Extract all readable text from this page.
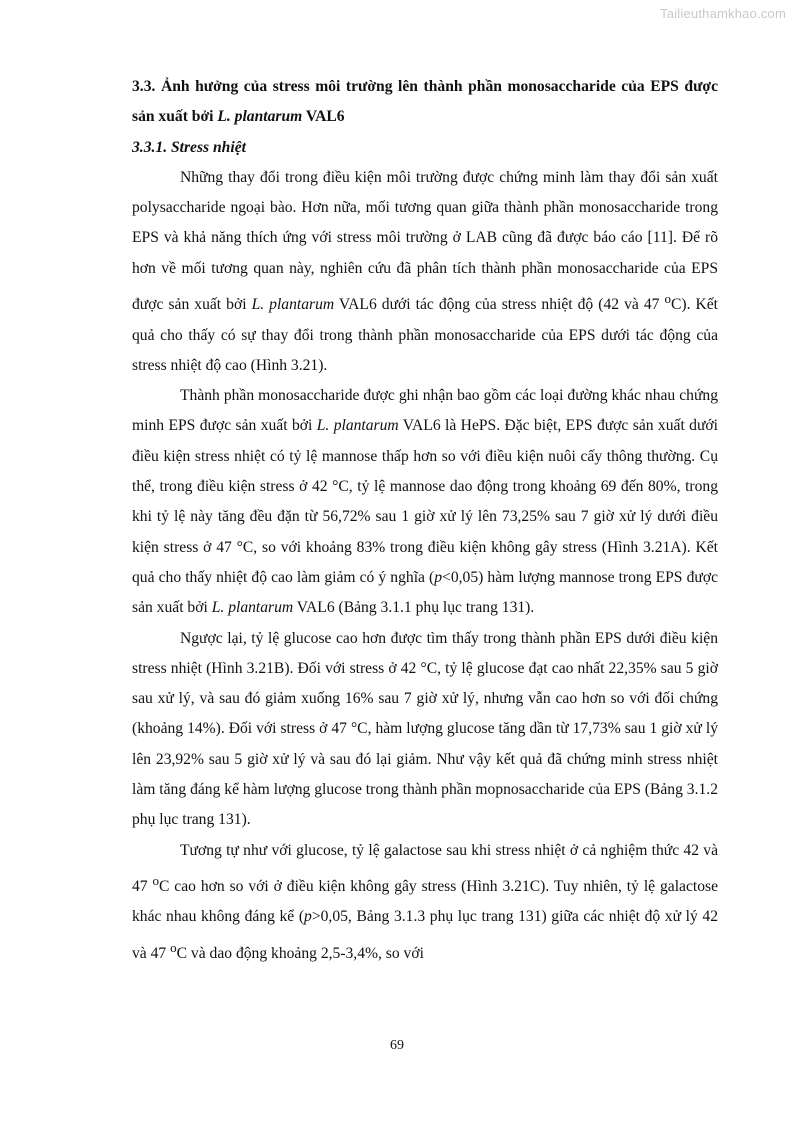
Tailieuthamkhao.com

3.3. Ảnh hưởng của stress môi trường lên thành phần monosaccharide của EPS được sản xuất bởi L. plantarum VAL6

3.3.1. Stress nhiệt

Những thay đổi trong điều kiện môi trường được chứng minh làm thay đổi sản xuất polysaccharide ngoại bào. Hơn nữa, mối tương quan giữa thành phần monosaccharide trong EPS và khả năng thích ứng với stress môi trường ở LAB cũng đã được báo cáo [11]. Để rõ hơn về mối tương quan này, nghiên cứu đã phân tích thành phần monosaccharide của EPS được sản xuất bởi L. plantarum VAL6 dưới tác động của stress nhiệt độ (42 và 47 $^o$C). Kết quả cho thấy có sự thay đổi trong thành phần monosaccharide của EPS dưới tác động của stress nhiệt độ cao (Hình 3.21).

Thành phần monosaccharide được ghi nhận bao gồm các loại đường khác nhau chứng minh EPS được sản xuất bởi L. plantarum VAL6 là HePS. Đặc biệt, EPS được sản xuất dưới điều kiện stress nhiệt có tỷ lệ mannose thấp hơn so với điều kiện nuôi cấy thông thường. Cụ thể, trong điều kiện stress ở 42 °C, tỷ lệ mannose dao động trong khoảng 69 đến 80%, trong khi tỷ lệ này tăng đều đặn từ 56,72% sau 1 giờ xử lý lên 73,25% sau 7 giờ xử lý dưới điều kiện stress ở 47 °C, so với khoảng 83% trong điều kiện không gây stress (Hình 3.21A). Kết quả cho thấy nhiệt độ cao làm giảm có ý nghĩa (p<0,05) hàm lượng mannose trong EPS được sản xuất bởi L. plantarum VAL6 (Bảng 3.1.1 phụ lục trang 131).

Ngược lại, tỷ lệ glucose cao hơn được tìm thấy trong thành phần EPS dưới điều kiện stress nhiệt (Hình 3.21B). Đối với stress ở 42 °C, tỷ lệ glucose đạt cao nhất 22,35% sau 5 giờ sau xử lý, và sau đó giảm xuống 16% sau 7 giờ xử lý, nhưng vẫn cao hơn so với đối chứng (khoảng 14%). Đối với stress ở 47 °C, hàm lượng glucose tăng dần từ 17,73% sau 1 giờ xử lý lên 23,92% sau 5 giờ xử lý và sau đó lại giảm. Như vậy kết quả đã chứng minh stress nhiệt làm tăng đáng kể hàm lượng glucose trong thành phần mopnosaccharide của EPS (Bảng 3.1.2 phụ lục trang 131).

Tương tự như với glucose, tỷ lệ galactose sau khi stress nhiệt ở cả nghiệm thức 42 và 47 $^o$C cao hơn so với ở điều kiện không gây stress (Hình 3.21C). Tuy nhiên, tỷ lệ galactose khác nhau không đáng kể (p>0,05, Bảng 3.1.3 phụ lục trang 131) giữa các nhiệt độ xử lý 42 và 47 $^o$C và dao động khoảng 2,5-3,4%, so với

69
